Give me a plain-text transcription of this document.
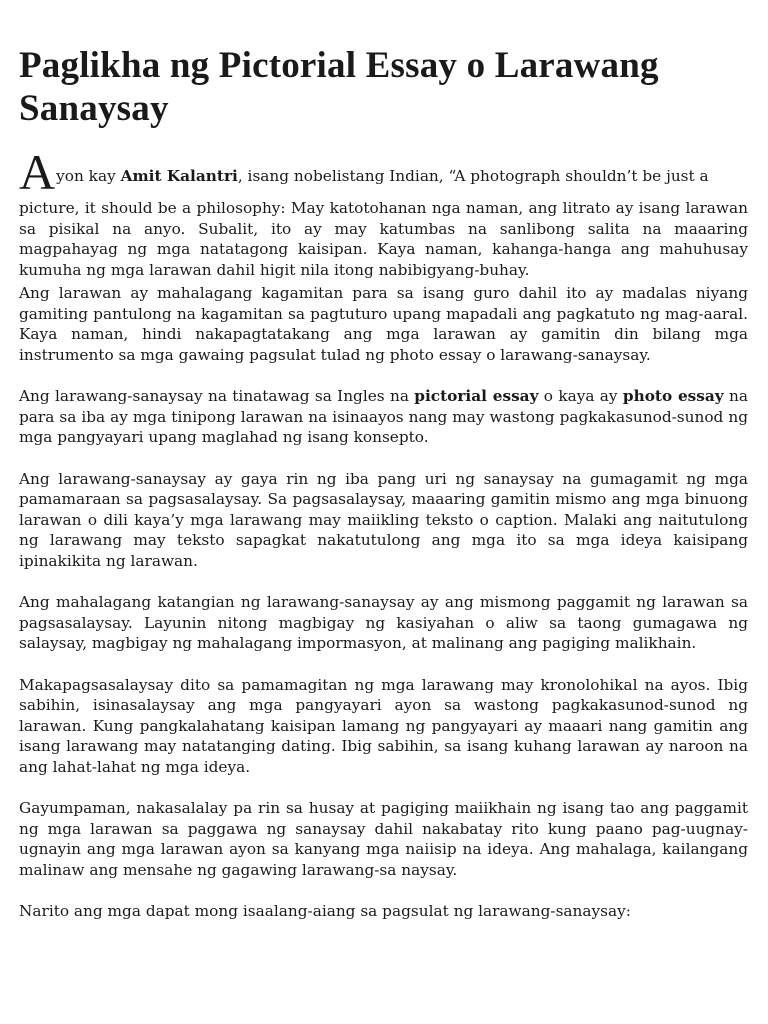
Paglikha ng Pictorial Essay o Larawang Sanaysay
Ayon kay Amit Kalantri, isang nobelistang Indian, “A photograph shouldn’t be just a

picture, it should be a philosophy: May katotohanan nga naman, ang litrato ay isang larawan sa pisikal na anyo. Subalit, ito ay may katumbas na sanlibong salita na maaaring magpahayag ng mga natatagong kaisipan. Kaya naman, kahanga-hanga ang mahuhusay kumuha ng mga larawan dahil higit nila itong nabibigyang-buhay.

Ang larawan ay mahalagang kagamitan para sa isang guro dahil ito ay madalas niyang gamiting pantulong na kagamitan sa pagtuturo upang mapadali ang pagkatuto ng mag-aaral. Kaya naman, hindi nakapagtatakang ang mga larawan ay gamitin din bilang mga instrumento sa mga gawaing pagsulat tulad ng photo essay o larawang-sanaysay.

Ang larawang-sanaysay na tinatawag sa Ingles na pictorial essay o kaya ay photo essay na para sa iba ay mga tinipong larawan na isinaayos nang may wastong pagkakasunod-sunod ng mga pangyayari upang maglahad ng isang konsepto.

Ang larawang-sanaysay ay gaya rin ng iba pang uri ng sanaysay na gumagamit ng mga pamamaraan sa pagsasalaysay. Sa pagsasalaysay, maaaring gamitin mismo ang mga binuong larawan o dili kaya’y mga larawang may maiikling teksto o caption. Malaki ang naitutulong ng larawang may teksto sapagkat nakatutulong ang mga ito sa mga ideya kaisipang ipinakikita ng larawan.

Ang mahalagang katangian ng larawang-sanaysay ay ang mismong paggamit ng larawan sa pagsasalaysay. Layunin nitong magbigay ng kasiyahan o aliw sa taong gumagawa ng salaysay, magbigay ng mahalagang impormasyon, at malinang ang pagiging malikhain.

Makapagsasalaysay dito sa pamamagitan ng mga larawang may kronolohikal na ayos. Ibig sabihin, isinasalaysay ang mga pangyayari ayon sa wastong pagkakasunod-sunod ng larawan. Kung pangkalahatang kaisipan lamang ng pangyayari ay maaari nang gamitin ang isang larawang may natatanging dating. Ibig sabihin, sa isang kuhang larawan ay naroon na ang lahat-lahat ng mga ideya.

Gayumpaman, nakasalalay pa rin sa husay at pagiging maiikhain ng isang tao ang paggamit ng mga larawan sa paggawa ng sanaysay dahil nakabatay rito kung paano pag-uugnay-ugnayin ang mga larawan ayon sa kanyang mga naiisip na ideya. Ang mahalaga, kailangang malinaw ang mensahe ng gagawing larawang-sa naysay.

Narito ang mga dapat mong isaalang-aiang sa pagsulat ng larawang-sanaysay:
